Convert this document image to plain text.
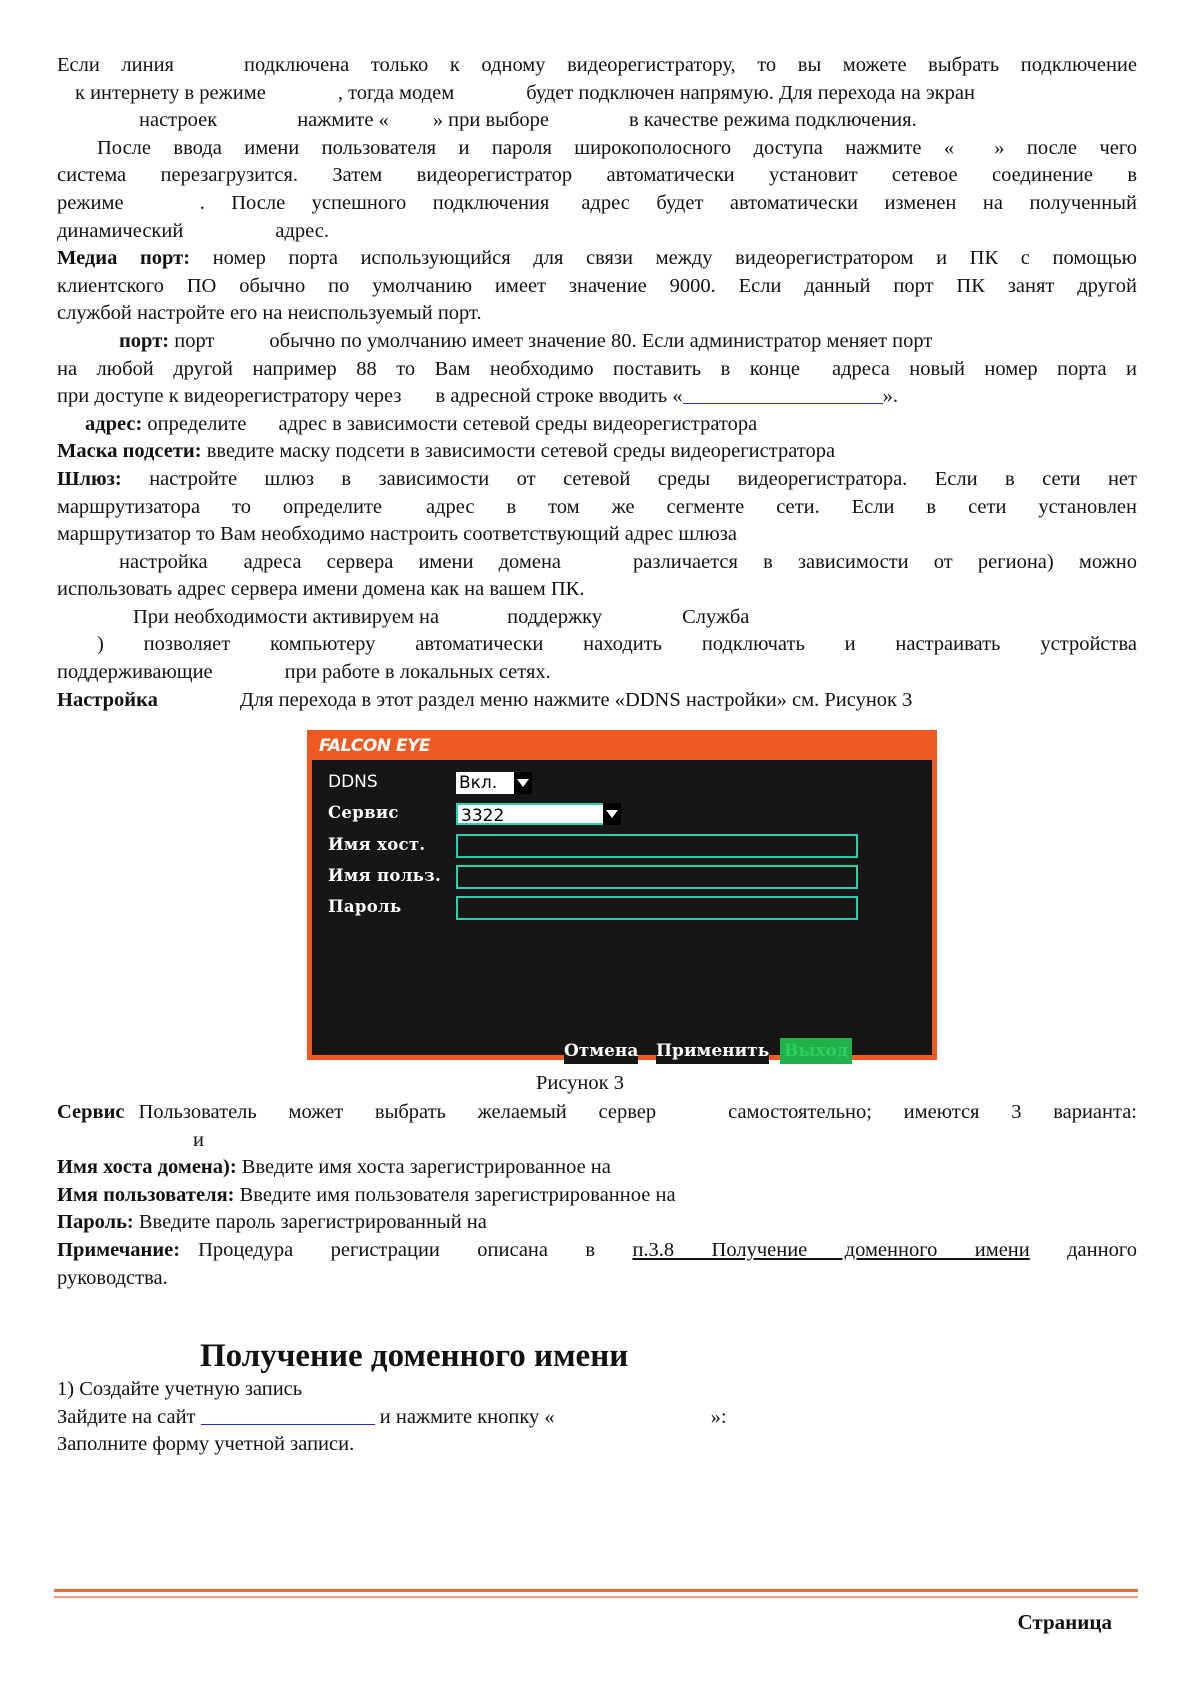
Если линия	подключена только к одному видеорегистратору, то вы можете выбрать подключение

к интернету в режиме	, тогда модем	будет подключен напрямую. Для перехода на экран

настроек	нажмите « » при выборе	в качестве режима подключения.

После ввода имени пользователя и пароля широкополосного доступа нажмите « » после чего

система перезагрузится. Затем видеорегистратор автоматически установит сетевое соединение в

режиме	. После успешного подключения адрес будет автоматически изменен на полученный

динамический	адрес.

Медиа порт: номер порта использующийся для связи между видеорегистратором и ПК с помощью

клиентского ПО обычно по умолчанию имеет значение 9000. Если данный порт ПК занят другой

службой настройте его на неиспользуемый порт.

порт: порт	обычно по умолчанию имеет значение 80. Если администратор меняет порт

на любой другой например 88 то Вам необходимо поставить в конце адреса новый номер порта и

при доступе к видеорегистратору через в адресной строке вводить «	».

адрес: определите адрес в зависимости сетевой среды видеорегистратора

Маска подсети: введите маску подсети в зависимости сетевой среды видеорегистратора

Шлюз: настройте шлюз в зависимости от сетевой среды видеорегистратора. Если в сети нет

маршрутизатора то определите адрес в том же сегменте сети. Если в сети установлен

маршрутизатор то Вам необходимо настроить соответствующий адрес шлюза

настройка адреса сервера имени домена	различается в зависимости от региона) можно

использовать адрес сервера имени домена как на вашем ПК.

При необходимости активируем на	поддержку	Служба

) позволяет компьютеру автоматически находить подключать и настраивать устройства

поддерживающие	при работе в локальных сетях.

Настройка	Для перехода в этот раздел меню нажмите «DDNS настройки» см. Рисунок 3

FALCON EYE
DDNS	Вкл.
Сервис	3322
Имя хост.
Имя польз.
Пароль
Отмена Применить Выход
Рисунок 3

Сервис Пользователь может выбрать желаемый сервер	самостоятельно; имеются 3 варианта:

и

Имя хоста домена): Введите имя хоста зарегистрированное на

Имя пользователя: Введите имя пользователя зарегистрированное на

Пароль: Введите пароль зарегистрированный на

Примечание: Процедура регистрации описана в п.3.8 Получение доменного имени данного

руководства.

Получение доменного имени

1) Создайте учетную запись

Зайдите на сайт	и нажмите кнопку «	»:

Заполните форму учетной записи.

Страница
